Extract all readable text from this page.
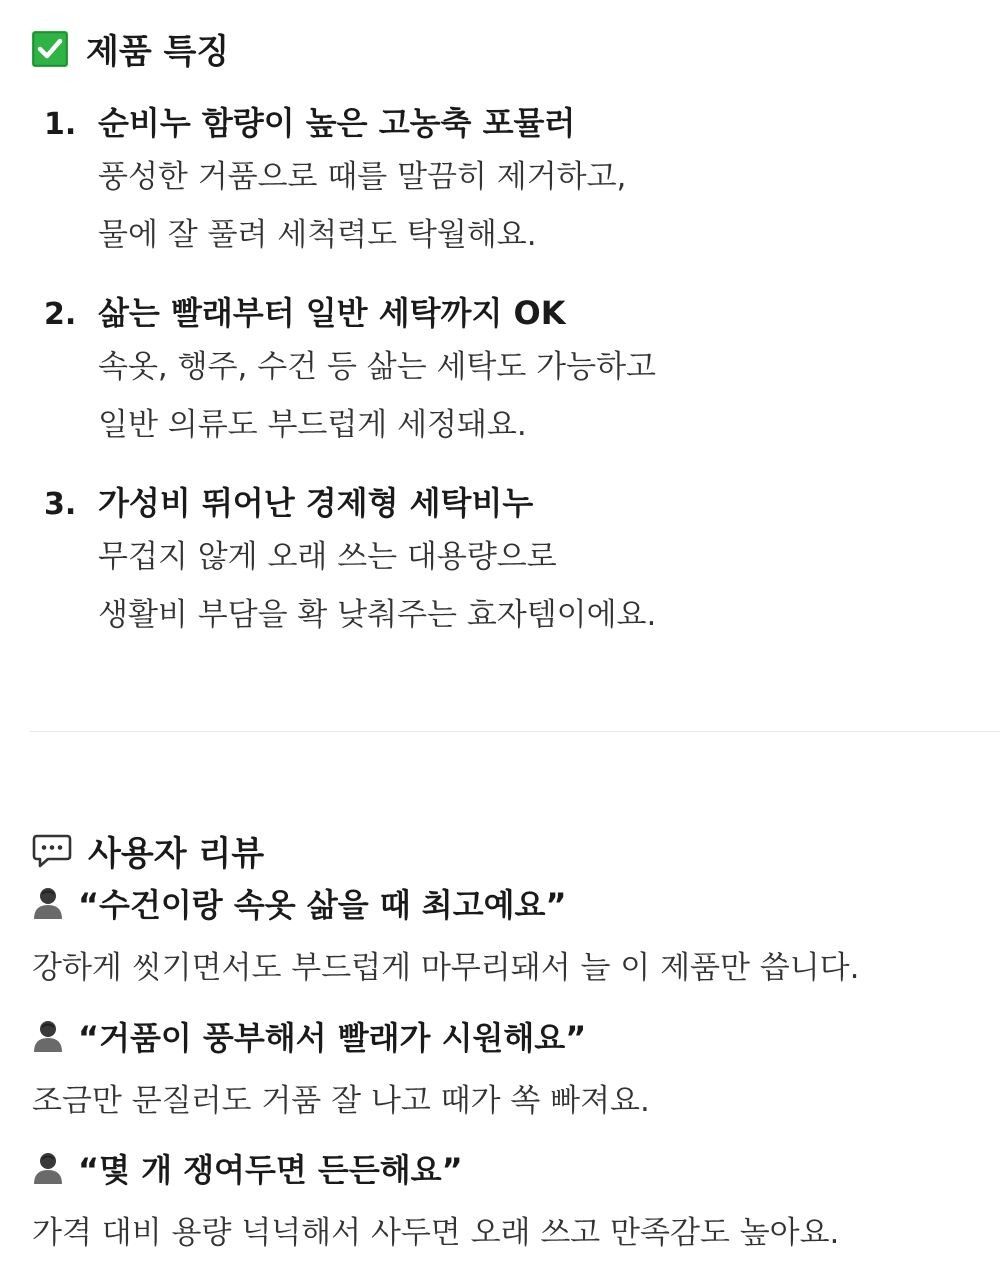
제품 특징
1. 순비누 함량이 높은 고농축 포뮬러
풍성한 거품으로 때를 말끔히 제거하고,
물에 잘 풀려 세척력도 탁월해요.
2. 삶는 빨래부터 일반 세탁까지 OK
속옷, 행주, 수건 등 삶는 세탁도 가능하고
일반 의류도 부드럽게 세정돼요.
3. 가성비 뛰어난 경제형 세탁비누
무겁지 않게 오래 쓰는 대용량으로
생활비 부담을 확 낮춰주는 효자템이에요.
사용자 리뷰
“수건이랑 속옷 삶을 때 최고예요”
강하게 씻기면서도 부드럽게 마무리돼서 늘 이 제품만 씁니다.
“거품이 풍부해서 빨래가 시원해요”
조금만 문질러도 거품 잘 나고 때가 쏙 빠져요.
“몇 개 쟁여두면 든든해요”
가격 대비 용량 넉넉해서 사두면 오래 쓰고 만족감도 높아요.
